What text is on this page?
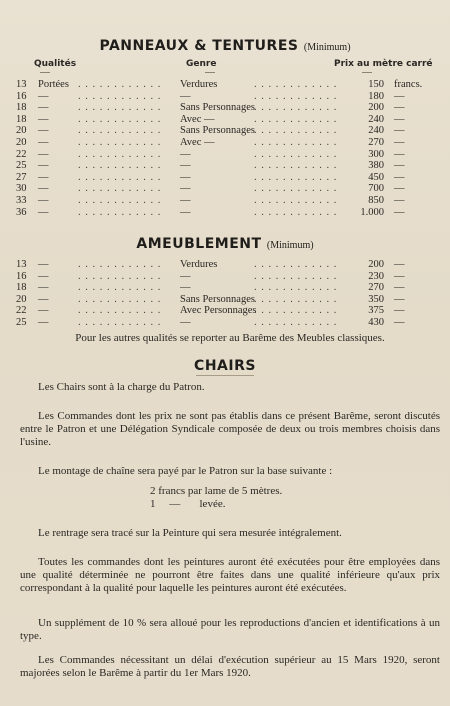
PANNEAUX & TENTURES (Minimum)
Qualités	Genre	Prix au mètre carré
13	Portées	Verdures	150 francs.
. . . . . . . . . . . .	. . . . . . . . . . . .
16	—	—	180 —
. . . . . . . . . . . .	. . . . . . . . . . . .
18	—	Sans Personnages	200 —
. . . . . . . . . . . .	. . . . . . . . . . . .
18	—	Avec —	240 —
. . . . . . . . . . . .	. . . . . . . . . . . .
20	—	Sans Personnages	240 —
. . . . . . . . . . . .	. . . . . . . . . . . .
20	—	Avec —	270 —
. . . . . . . . . . . .	. . . . . . . . . . . .
22	—	—	300 —
. . . . . . . . . . . .	. . . . . . . . . . . .
25	—	—	380 —
. . . . . . . . . . . .	. . . . . . . . . . . .
27	—	—	450 —
. . . . . . . . . . . .	. . . . . . . . . . . .
30	—	—	700 —
. . . . . . . . . . . .	. . . . . . . . . . . .
33	—	—	850 —
. . . . . . . . . . . .	. . . . . . . . . . . .
36	—	—	1.000 —
. . . . . . . . . . . .	. . . . . . . . . . . .
AMEUBLEMENT (Minimum)
13	—	Verdures	200 —
. . . . . . . . . . . .	. . . . . . . . . . . .
16	—	—	230 —
. . . . . . . . . . . .	. . . . . . . . . . . .
18	—	—	270 —
. . . . . . . . . . . .	. . . . . . . . . . . .
20	—	Sans Personnages	350 —
. . . . . . . . . . . .	. . . . . . . . . . . .
22	—	Avec Personnages	375 —
. . . . . . . . . . . .	. . . . . . . . . . . .
25	—	—	430 —
. . . . . . . . . . . .	. . . . . . . . . . . .
Pour les autres qualités se reporter au Barême des Meubles classiques.
CHAIRS
Les Chairs sont à la charge du Patron.
Les Commandes dont les prix ne sont pas établis dans ce présent Barême, seront discutés entre le Patron et une Délégation Syndicale composée de deux ou trois membres choisis dans l'usine.
Le montage de chaîne sera payé par le Patron sur la base suivante :
2 francs par lame de 5 mètres.
1     —       levée.
Le rentrage sera tracé sur la Peinture qui sera mesurée intégralement.
Toutes les commandes dont les peintures auront été exécutées pour être employées dans une qualité déterminée ne pourront être faites dans une qualité inférieure qu'aux prix correspondant à la qualité pour laquelle les peintures auront été exécutées.
Un supplément de 10 % sera alloué pour les reproductions d'ancien et identifications à un type.
Les Commandes nécessitant un délai d'exécution supérieur au 15 Mars 1920, seront majorées selon le Barême à partir du 1er Mars 1920.
